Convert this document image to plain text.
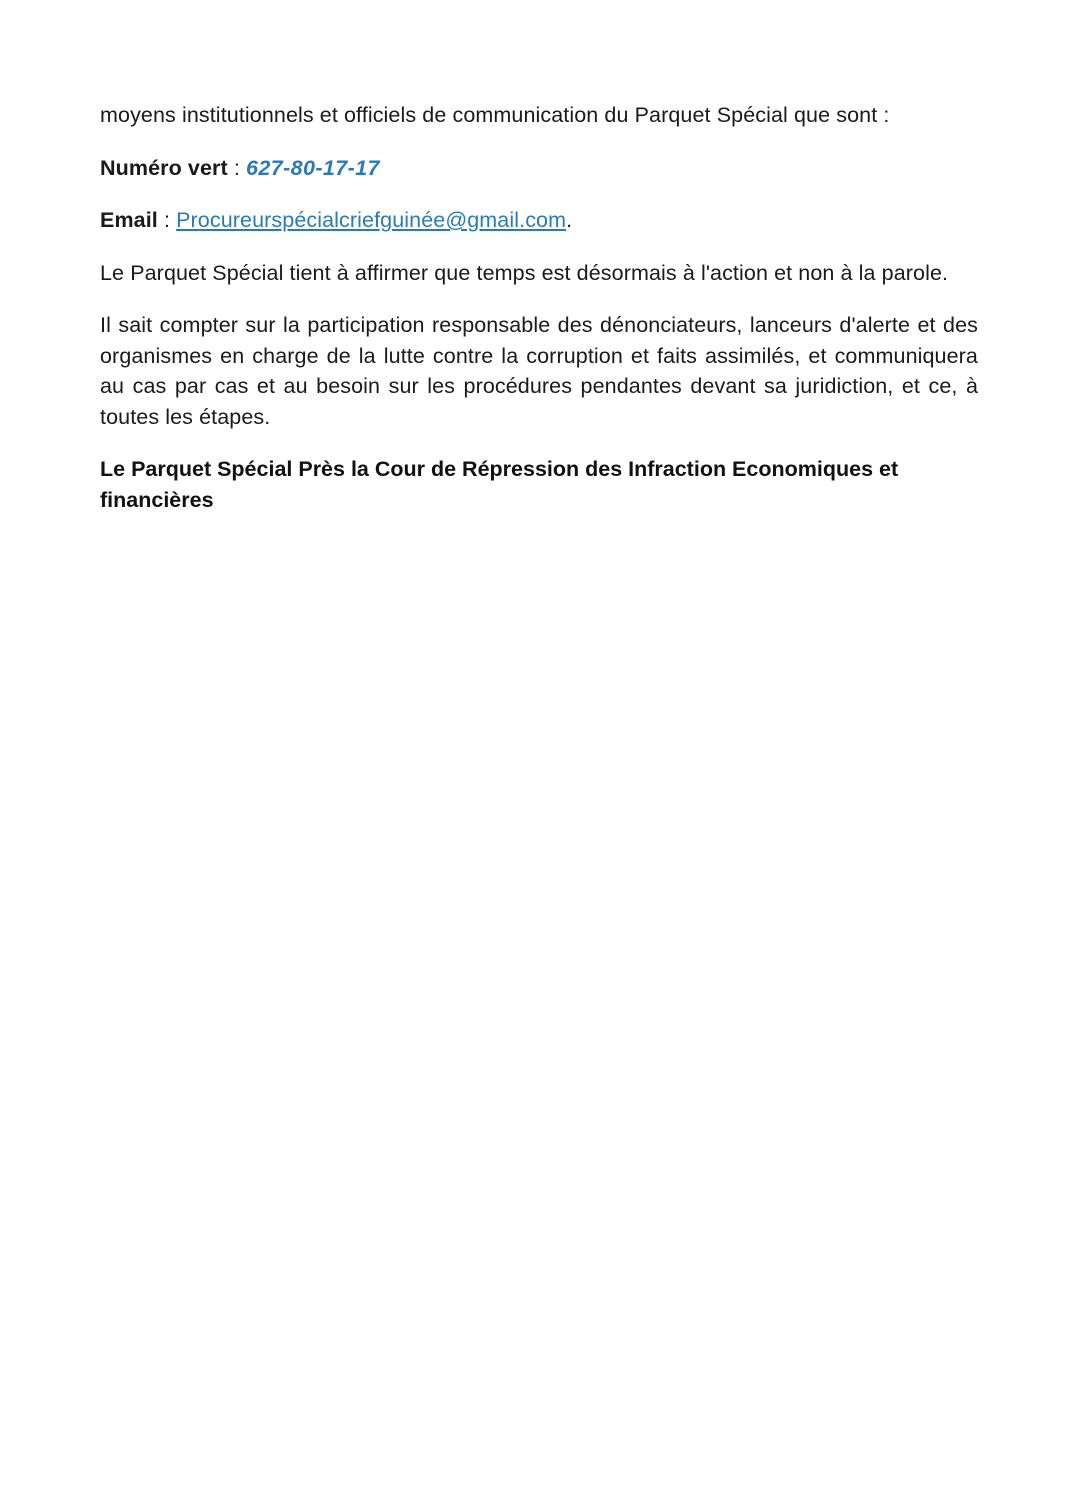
moyens institutionnels et officiels de communication du Parquet Spécial que sont :

Numéro vert : 627-80-17-17

Email : Procureurspécialcriefguinée@gmail.com.

Le Parquet Spécial tient à affirmer que temps est désormais à l'action et non à la parole.

Il sait compter sur la participation responsable des dénonciateurs, lanceurs d'alerte et des organismes en charge de la lutte contre la corruption et faits assimilés, et communiquera au cas par cas et au besoin sur les procédures pendantes devant sa juridiction, et ce, à toutes les étapes.

Le Parquet Spécial Près la Cour de Répression des Infraction Economiques et financières
